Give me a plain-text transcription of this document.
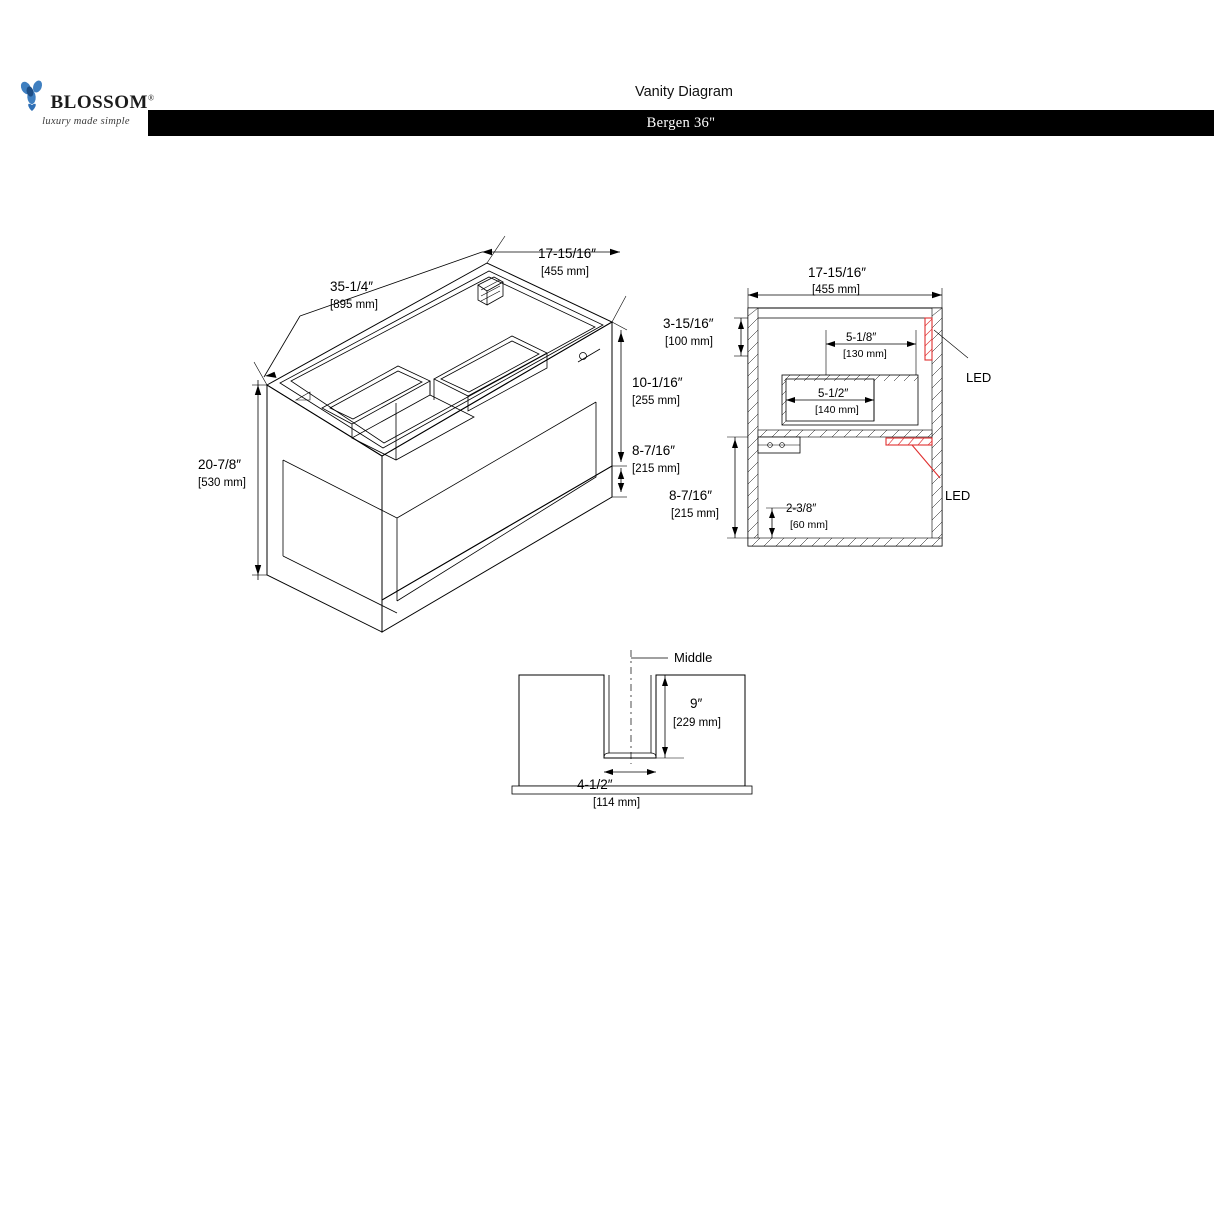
BLOSSOM®
luxury made simple
Vanity Diagram
Bergen 36"
17-15/16″
[455 mm]
35-1/4″
[895 mm]
20-7/8″
[530 mm]
10-1/16″
[255 mm]
8-7/16″
[215 mm]
LED
LED
17-15/16″
[455 mm]
3-15/16″
[100 mm]	5-1/8″
[130 mm]
5-1/2″
[140 mm]
8-7/16″
[215 mm]	2-3/8″
[60 mm]
Middle
9″
[229 mm]
4-1/2″
[114 mm]
